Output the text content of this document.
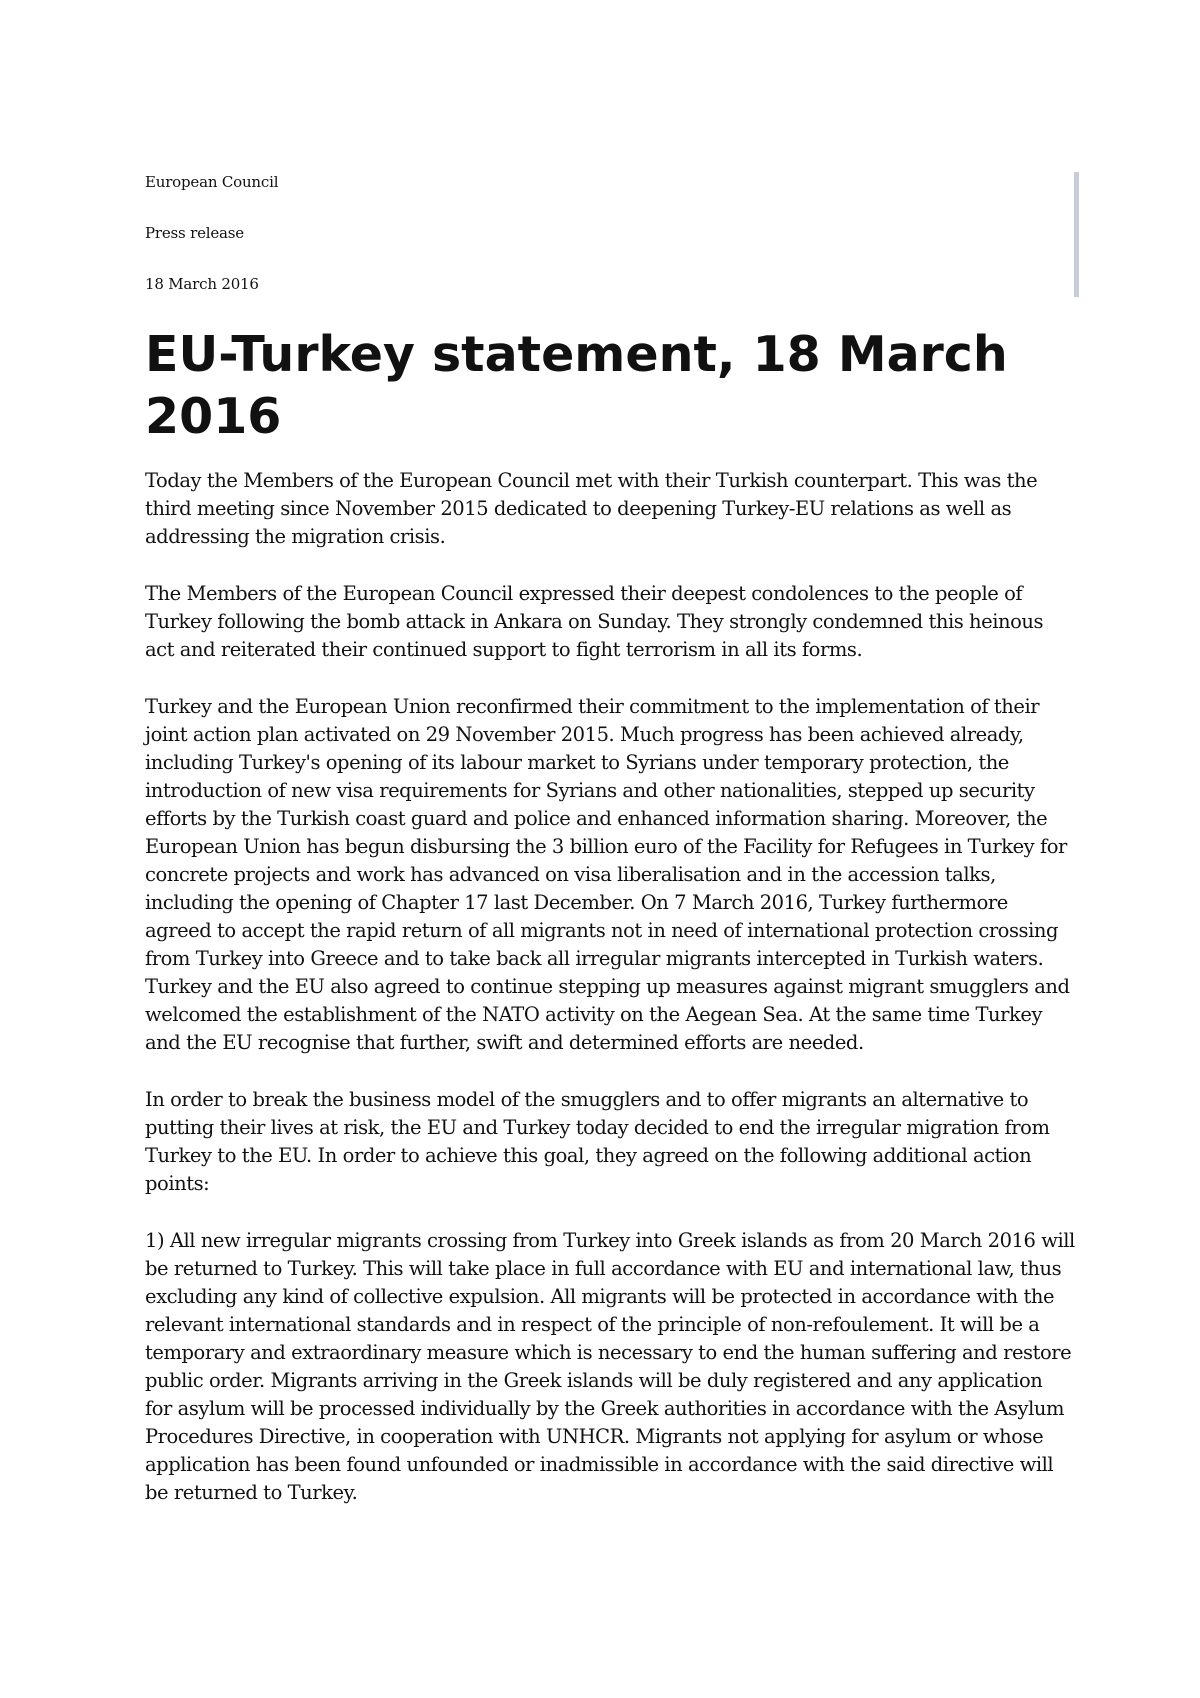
European Council

Press release

18 March 2016

EU-Turkey statement, 18 March 2016

Today the Members of the European Council met with their Turkish counterpart. This was the third meeting since November 2015 dedicated to deepening Turkey-EU relations as well as addressing the migration crisis.

The Members of the European Council expressed their deepest condolences to the people of Turkey following the bomb attack in Ankara on Sunday. They strongly condemned this heinous act and reiterated their continued support to fight terrorism in all its forms.

Turkey and the European Union reconfirmed their commitment to the implementation of their joint action plan activated on 29 November 2015. Much progress has been achieved already, including Turkey's opening of its labour market to Syrians under temporary protection, the introduction of new visa requirements for Syrians and other nationalities, stepped up security efforts by the Turkish coast guard and police and enhanced information sharing. Moreover, the European Union has begun disbursing the 3 billion euro of the Facility for Refugees in Turkey for concrete projects and work has advanced on visa liberalisation and in the accession talks, including the opening of Chapter 17 last December. On 7 March 2016, Turkey furthermore agreed to accept the rapid return of all migrants not in need of international protection crossing from Turkey into Greece and to take back all irregular migrants intercepted in Turkish waters. Turkey and the EU also agreed to continue stepping up measures against migrant smugglers and welcomed the establishment of the NATO activity on the Aegean Sea. At the same time Turkey and the EU recognise that further, swift and determined efforts are needed.

In order to break the business model of the smugglers and to offer migrants an alternative to putting their lives at risk, the EU and Turkey today decided to end the irregular migration from Turkey to the EU. In order to achieve this goal, they agreed on the following additional action points:

1) All new irregular migrants crossing from Turkey into Greek islands as from 20 March 2016 will be returned to Turkey. This will take place in full accordance with EU and international law, thus excluding any kind of collective expulsion. All migrants will be protected in accordance with the relevant international standards and in respect of the principle of non-refoulement. It will be a temporary and extraordinary measure which is necessary to end the human suffering and restore public order. Migrants arriving in the Greek islands will be duly registered and any application for asylum will be processed individually by the Greek authorities in accordance with the Asylum Procedures Directive, in cooperation with UNHCR. Migrants not applying for asylum or whose application has been found unfounded or inadmissible in accordance with the said directive will be returned to Turkey.
